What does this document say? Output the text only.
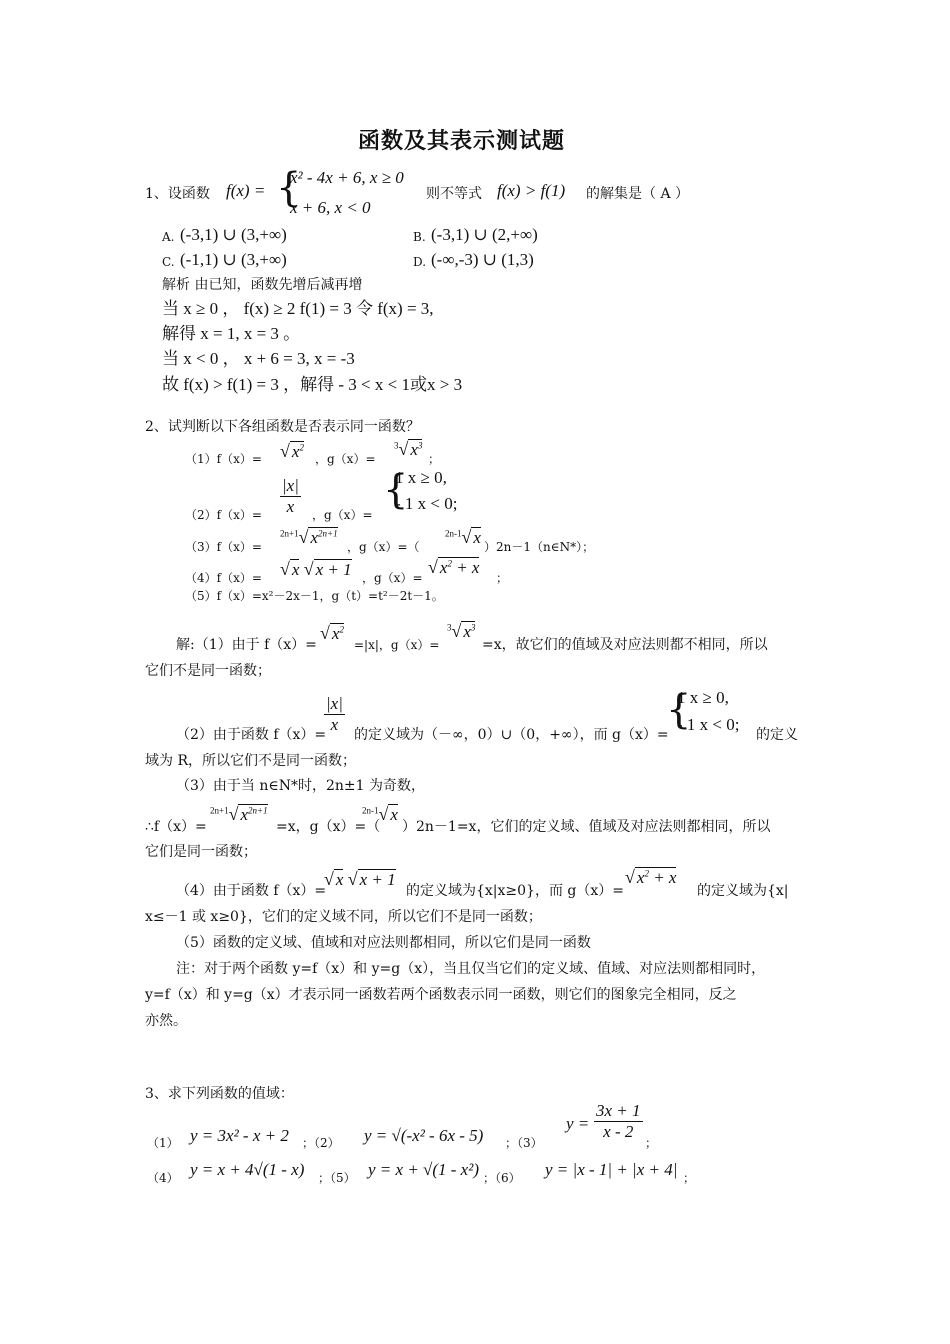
函数及其表示测试题
1、设函数 f(x) = {
x² - 4x + 6, x ≥ 0
x + 6, x < 0
则不等式 f(x) > f(1) 的解集是（ A ）
A. (-3,1) ∪ (3,+∞)	B. (-3,1) ∪ (2,+∞)
C. (-1,1) ∪ (3,+∞)	D. (-∞,-3) ∪ (1,3)
解析 由已知，函数先增后减再增
当 x ≥ 0 ， f(x) ≥ 2 f(1) = 3 令 f(x) = 3,
解得 x = 1, x = 3 。
当 x < 0 ， x + 6 = 3, x = -3
故 f(x) > f(1) = 3 ，解得 - 3 < x < 1或x > 3
2、试判断以下各组函数是否表示同一函数？
（1）f（x）= √ $x^2$
，g（x）=
$^3$√ $x^3$
；
$(2)f(x)= \frac{|x|}{x}$ ，g（x）=
{
1 x ≥ 0,
- 1 x < 0;
（3）f（x）=
$^{2n+1}$√ $x^{2n+1}$
，g（x）=（
$^{2n-1}$√ x ）2n－1（n∈N*）；
（4）f（x）= √ x √ x + 1 ，g（x）=
√ $x^2 + x$
；
（5）f（x）=x²－2x－1，g（t）=t²－2t－1。
解:（1）由于 f（x）=
√ $x^2$
=|x|，g（x）=
$^3$√ $x^3$
=x，故它们的值域及对应法则都不相同，所以
它们不是同一函数；
（2）由于函数 f（x）=
$\frac{|x|}{x}$ 的定义域为（－∞，0）∪（0，+∞），而 g（x）=
{
1 x ≥ 0,
- 1 x < 0;
的定义
域为 R，所以它们不是同一函数；
（3）由于当 n∈N*时，2n±1 为奇数，
∴f（x）=
$^{2n+1}$√ $x^{2n+1}$
=x，g（x）=（
$^{2n-1}$√ x
）2n－1=x，它们的定义域、值域及对应法则都相同，所以
它们是同一函数；
（4）由于函数 f（x）=
√ x √ x + 1
的定义域为{x|x≥0}，而 g（x）=
√ $x^2 + x$
的定义域为{x|
x≤－1 或 x≥0}，它们的定义域不同，所以它们不是同一函数；
（5）函数的定义域、值域和对应法则都相同，所以它们是同一函数
注：对于两个函数 y=f（x）和 y=g（x），当且仅当它们的定义域、值域、对应法则都相同时，
y=f（x）和 y=g（x）才表示同一函数若两个函数表示同一函数，则它们的图象完全相同，反之
亦然。
3、求下列函数的值域：
（1） y = 3x² - x + 2 ；（2） y = √(-x² - 6x - 5) ；（3）
$y = \frac{3x + 1}{x - 2}$
；
（4） y = x + 4√(1 - x) ；（5） y = x + √(1 - x²) ；（6） y = |x - 1| + |x + 4| ；
